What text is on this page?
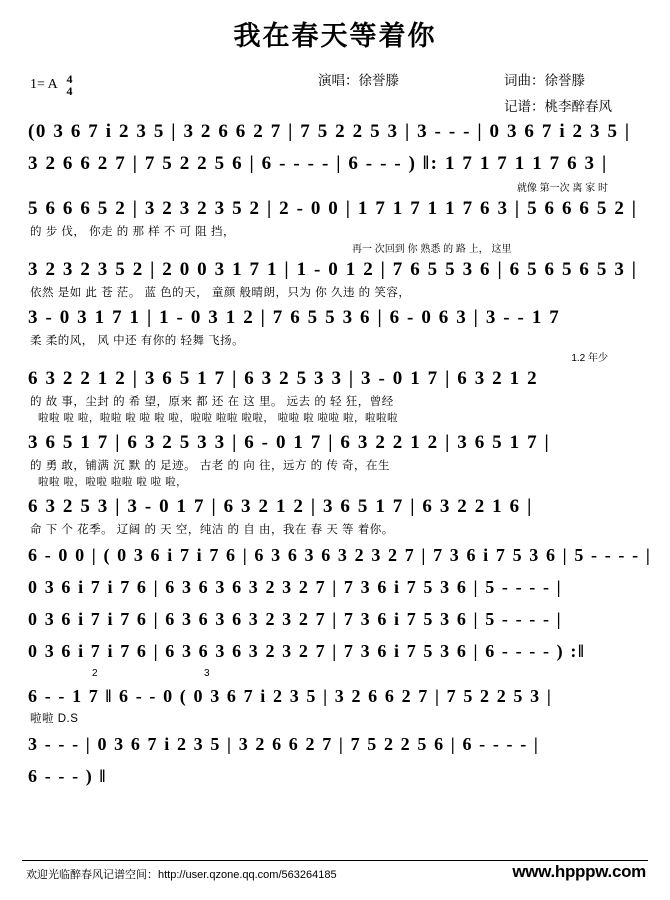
我在春天等着你
1= A 4
4
演唱：徐誉滕	词曲：徐誉滕
记谱：桃李醉春风
(0 3 6 7 i 2 3 5 | 3 2 6 6 2 7 | 7 5 2 2 5 3 | 3 - - - | 0 3 6 7 i 2 3 5 |
3 2 6 6 2 7 | 7 5 2 2 5 6 | 6 - - - - | 6 - - - ) ‖: 1 7 1 7 1 1 7 6 3 |
就像 第一次 离 家 时
5 6 6 6 5 2 | 3 2 3 2 3 5 2 | 2 - 0 0 | 1 7 1 7 1 1 7 6 3 | 5 6 6 6 5 2 |
的 步 伐， 你走 的 那 样 不 可 阻 挡，
再一 次回到 你 熟悉 的 路 上， 这里
3 2 3 2 3 5 2 | 2 0 0 3 1 7 1 | 1 - 0 1 2 | 7 6 5 5 3 6 | 6 5 6 5 6 5 3 |
依然 是如 此 苍 茫。 蓝 色的天， 童颜 般晴朗，只为 你 久违 的 笑容，
3 - 0 3 1 7 1 | 1 - 0 3 1 2 | 7 6 5 5 3 6 | 6 - 0 6 3 | 3 - - 1 7
柔 柔的风， 风 中还 有你的 轻舞 飞扬。
1.2 年少
6 3 2 2 1 2 | 3 6 5 1 7 | 6 3 2 5 3 3 | 3 - 0 1 7 | 6 3 2 1 2
的 故 事，尘封 的 希 望，原来 都 还 在 这 里。 远去 的 轻 狂，曾经
啦啦 啦 啦，啦啦 啦 啦 啦 啦，啦啦 啦啦 啦啦， 啦啦 啦 啦啦 啦，啦啦啦
3 6 5 1 7 | 6 3 2 5 3 3 | 6 - 0 1 7 | 6 3 2 2 1 2 | 3 6 5 1 7 |
的 勇 敢，铺满 沉 默 的 足迹。 古老 的 向 往，远方 的 传 奇，在生
啦啦 啦，啦啦 啦啦 啦 啦 啦，
6 3 2 5 3 | 3 - 0 1 7 | 6 3 2 1 2 | 3 6 5 1 7 | 6 3 2 2 1 6 |
命 下 个 花季。 辽阔 的 天 空，纯洁 的 自 由，我在 春 天 等 着你。
6 - 0 0 | ( 0 3 6 i 7 i 7 6 | 6 3 6 3 6 3 2 3 2 7 | 7 3 6 i 7 5 3 6 | 5 - - - - |
0 3 6 i 7 i 7 6 | 6 3 6 3 6 3 2 3 2 7 | 7 3 6 i 7 5 3 6 | 5 - - - - |
0 3 6 i 7 i 7 6 | 6 3 6 3 6 3 2 3 2 7 | 7 3 6 i 7 5 3 6 | 5 - - - - |
0 3 6 i 7 i 7 6 | 6 3 6 3 6 3 2 3 2 7 | 7 3 6 i 7 5 3 6 | 6 - - - - ) :‖
2	3
6 - - 1 7 ‖ 6 - - 0 ( 0 3 6 7 i 2 3 5 | 3 2 6 6 2 7 | 7 5 2 2 5 3 |
啦啦 D.S
3 - - - | 0 3 6 7 i 2 3 5 | 3 2 6 6 2 7 | 7 5 2 2 5 6 | 6 - - - - |
6 - - - ) ‖
欢迎光临醉春风记谱空间：http://user.qzone.qq.com/563264185	www.hpppw.com
